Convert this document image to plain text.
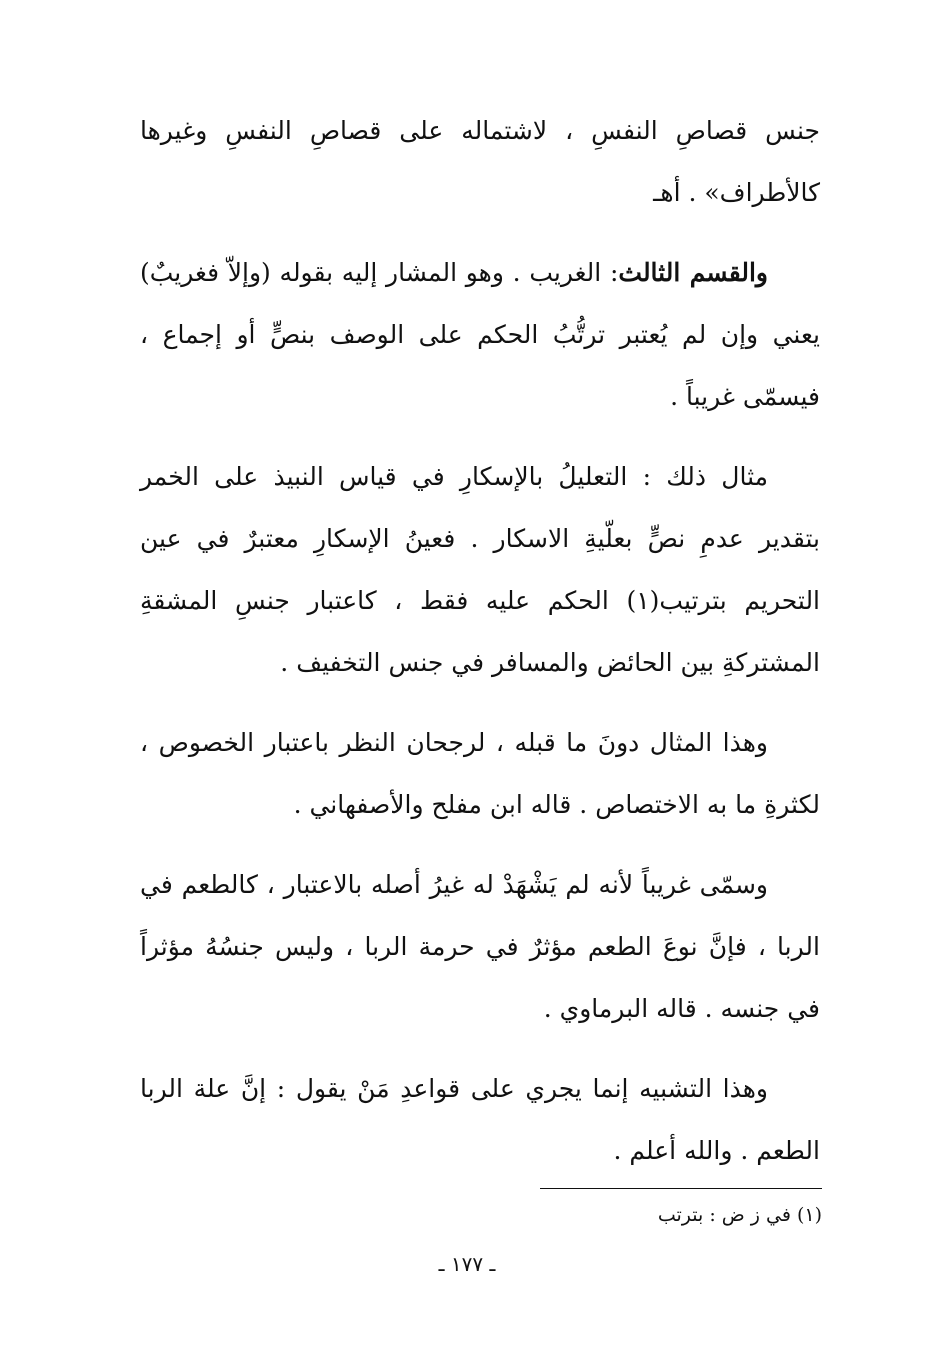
جنس قصاصِ النفسِ ، لاشتماله على قصاصِ النفسِ وغيرها كالأطراف» . أهـ

والقسم الثالث: الغريب . وهو المشار إليه بقوله (وإلاّ فغريبٌ) يعني وإن لم يُعتبر ترتُّبُ الحكم على الوصف بنصٍّ أو إجماع ، فيسمّى غريباً .

مثال ذلك : التعليلُ بالإسكارِ في قياس النبيذ على الخمر بتقدير عدمِ نصٍّ بعلّيةِ الاسكار . فعينُ الإسكارِ معتبرٌ في عين التحريم بترتيب(١) الحكم عليه فقط ، كاعتبار جنسِ المشقةِ المشتركةِ بين الحائض والمسافر في جنس التخفيف .

وهذا المثال دونَ ما قبله ، لرجحان النظر باعتبار الخصوص ، لكثرةِ ما به الاختصاص . قاله ابن مفلح والأصفهاني .

وسمّى غريباً لأنه لم يَشْهَدْ له غيرُ أصله بالاعتبار ، كالطعم في الربا ، فإنَّ نوعَ الطعم مؤثرٌ في حرمة الربا ، وليس جنسُهُ مؤثراً في جنسه . قاله البرماوي .

وهذا التشبيه إنما يجري على قواعدِ مَنْ يقول : إنَّ علة الربا الطعم . والله أعلم .

(١) في ز ض : بترتب
ـ ١٧٧ ـ
